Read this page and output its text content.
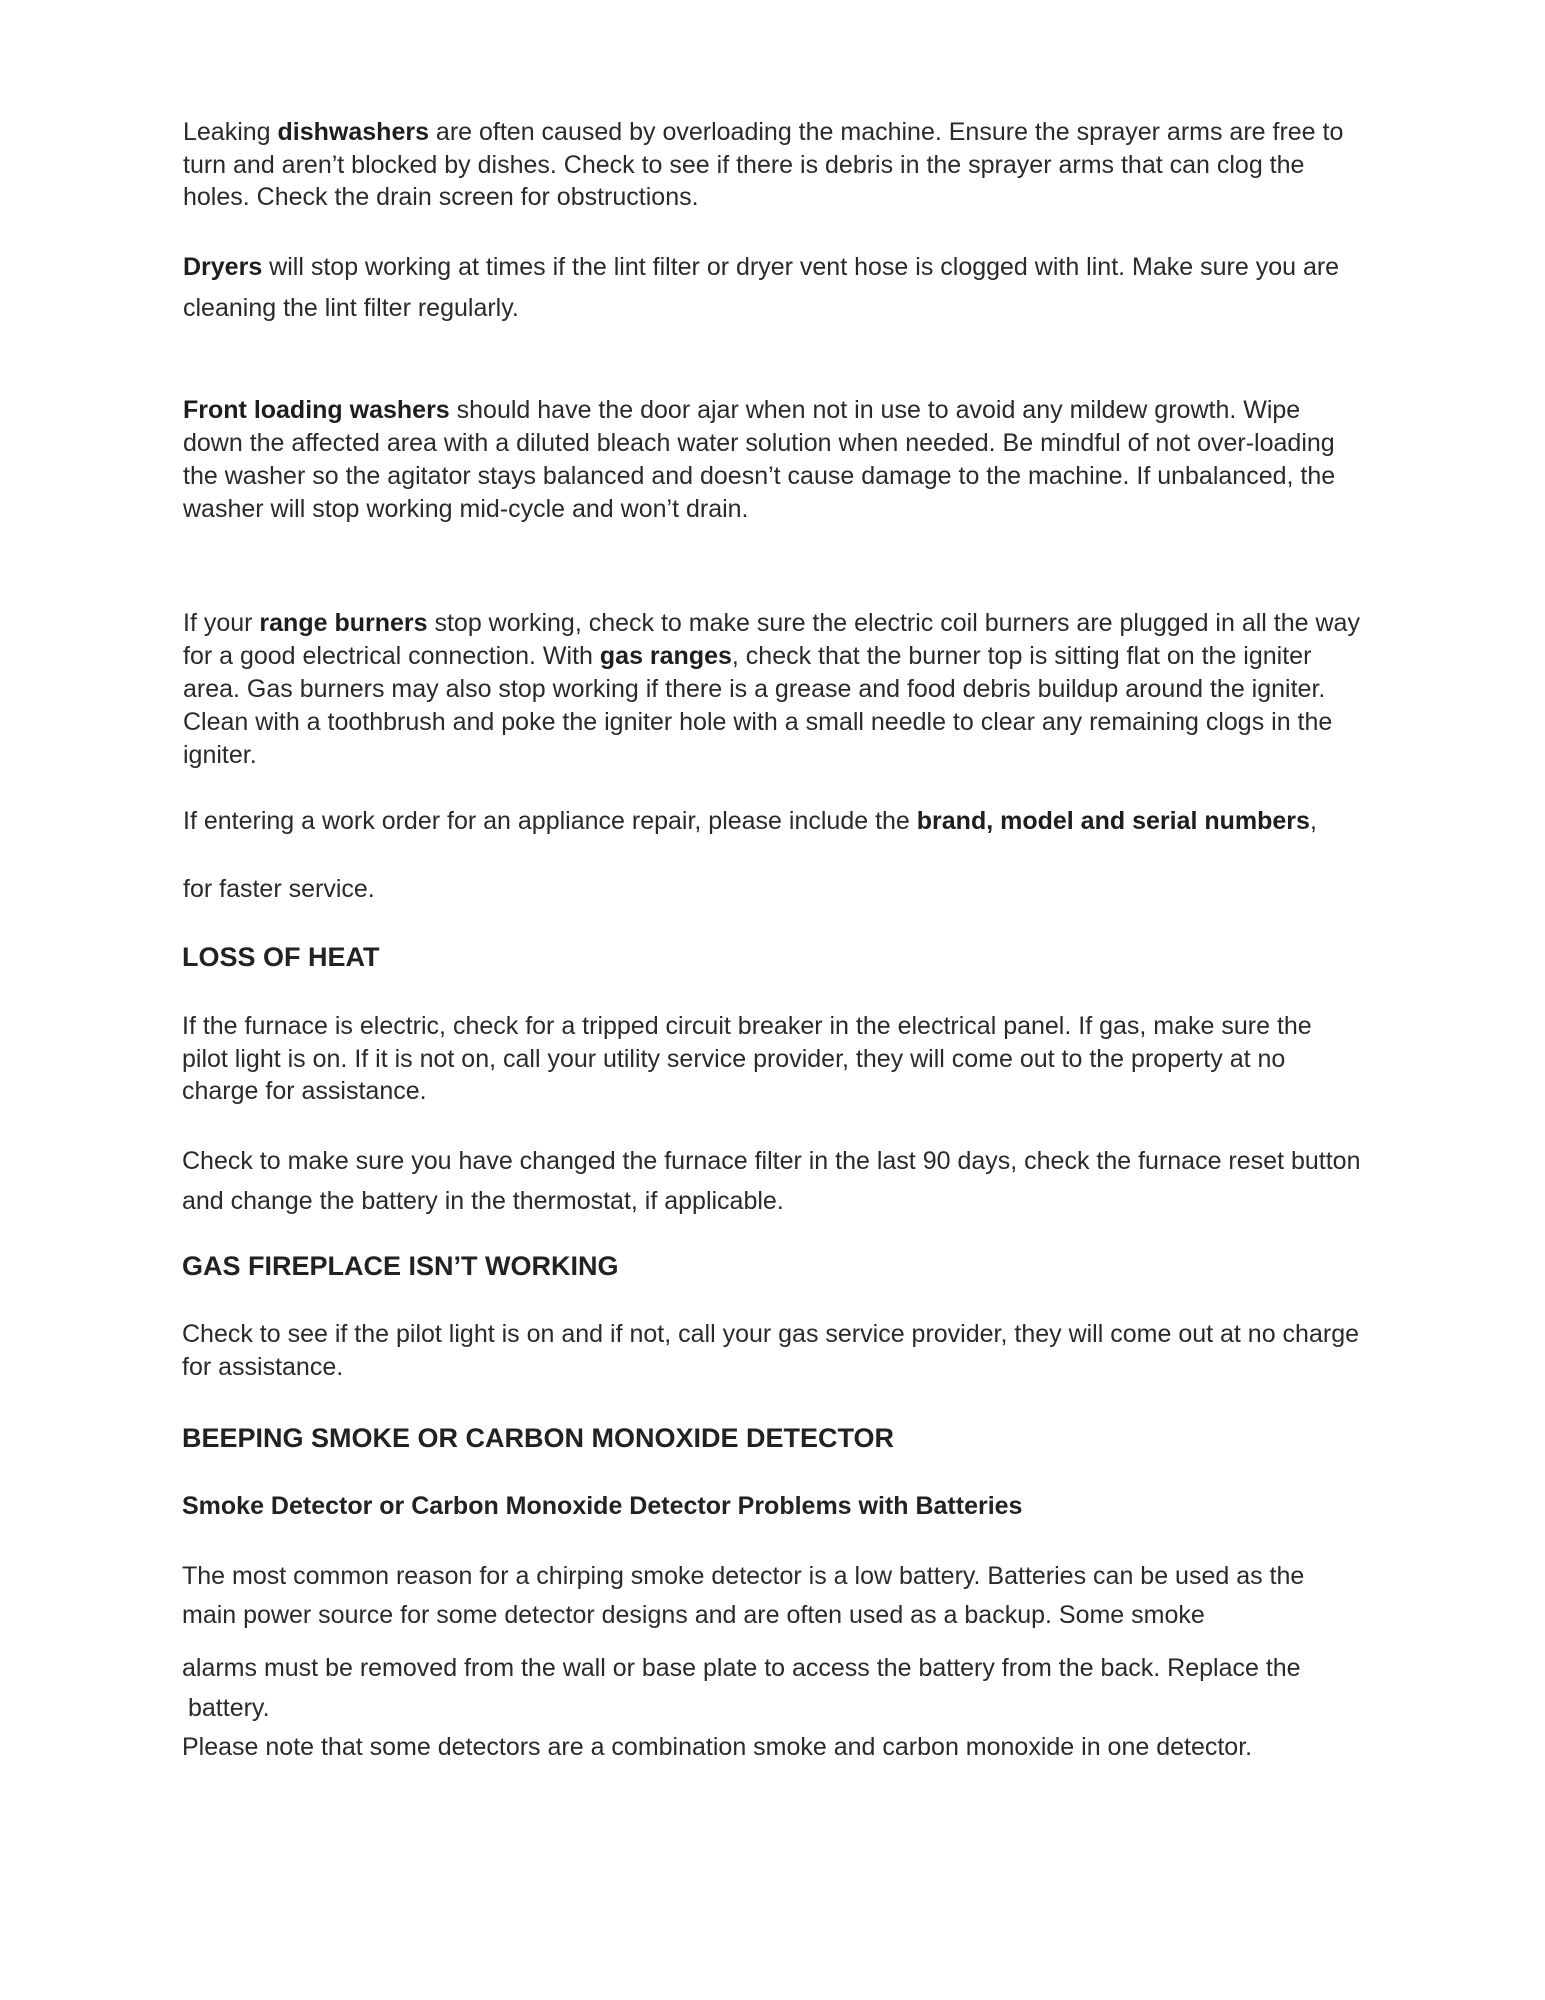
Leaking dishwashers are often caused by overloading the machine. Ensure the sprayer arms are free to turn and aren’t blocked by dishes. Check to see if there is debris in the sprayer arms that can clog the holes. Check the drain screen for obstructions.

Dryers will stop working at times if the lint filter or dryer vent hose is clogged with lint. Make sure you are cleaning the lint filter regularly.

Front loading washers should have the door ajar when not in use to avoid any mildew growth. Wipe down the affected area with a diluted bleach water solution when needed. Be mindful of not over-loading the washer so the agitator stays balanced and doesn’t cause damage to the machine. If unbalanced, the washer will stop working mid-cycle and won’t drain.

If your range burners stop working, check to make sure the electric coil burners are plugged in all the way for a good electrical connection. With gas ranges, check that the burner top is sitting flat on the igniter area. Gas burners may also stop working if there is a grease and food debris buildup around the igniter. Clean with a toothbrush and poke the igniter hole with a small needle to clear any remaining clogs in the igniter.

If entering a work order for an appliance repair, please include the brand, model and serial numbers,

for faster service.

LOSS OF HEAT

If the furnace is electric, check for a tripped circuit breaker in the electrical panel. If gas, make sure the pilot light is on. If it is not on, call your utility service provider, they will come out to the property at no charge for assistance.

Check to make sure you have changed the furnace filter in the last 90 days, check the furnace reset button and change the battery in the thermostat, if applicable.

GAS FIREPLACE ISN’T WORKING

Check to see if the pilot light is on and if not, call your gas service provider, they will come out at no charge for assistance.

BEEPING SMOKE OR CARBON MONOXIDE DETECTOR
Smoke Detector or Carbon Monoxide Detector Problems with Batteries

The most common reason for a chirping smoke detector is a low battery. Batteries can be used as the main power source for some detector designs and are often used as a backup. Some smoke

alarms must be removed from the wall or base plate to access the battery from the back. Replace the

battery.

Please note that some detectors are a combination smoke and carbon monoxide in one detector.
